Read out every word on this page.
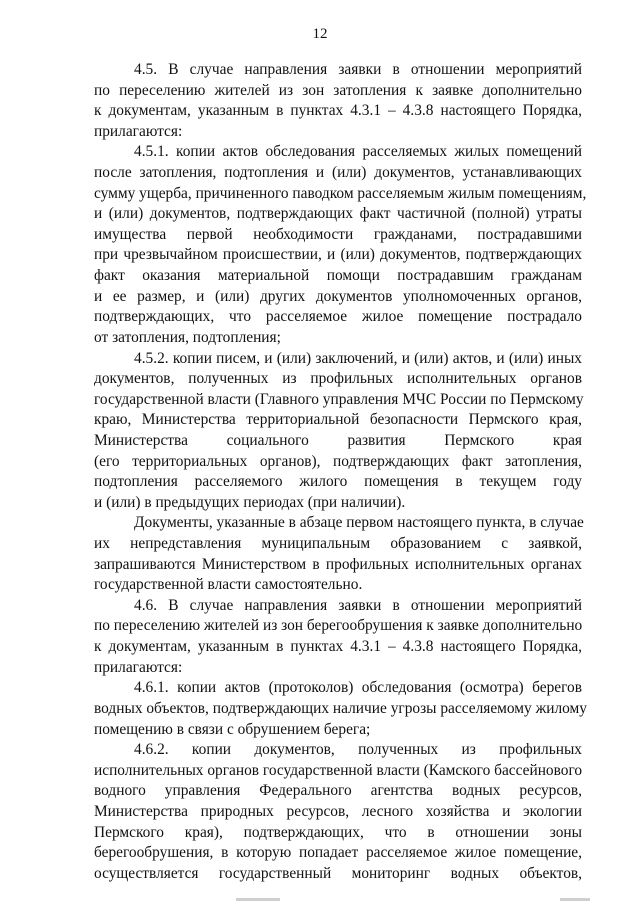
12
4.5. В случае направления заявки в отношении мероприятий
по переселению жителей из зон затопления к заявке дополнительно
к документам, указанным в пунктах 4.3.1 – 4.3.8 настоящего Порядка,
прилагаются:
4.5.1. копии актов обследования расселяемых жилых помещений
после затопления, подтопления и (или) документов, устанавливающих
сумму ущерба, причиненного паводком расселяемым жилым помещениям,
и (или) документов, подтверждающих факт частичной (полной) утраты
имущества первой необходимости гражданами, пострадавшими
при чрезвычайном происшествии, и (или) документов, подтверждающих
факт оказания материальной помощи пострадавшим гражданам
и ее размер, и (или) других документов уполномоченных органов,
подтверждающих, что расселяемое жилое помещение пострадало
от затопления, подтопления;
4.5.2. копии писем, и (или) заключений, и (или) актов, и (или) иных
документов, полученных из профильных исполнительных органов
государственной власти (Главного управления МЧС России по Пермскому
краю, Министерства территориальной безопасности Пермского края,
Министерства социального развития Пермского края
(его территориальных органов), подтверждающих факт затопления,
подтопления расселяемого жилого помещения в текущем году
и (или) в предыдущих периодах (при наличии).
Документы, указанные в абзаце первом настоящего пункта, в случае
их непредставления муниципальным образованием с заявкой,
запрашиваются Министерством в профильных исполнительных органах
государственной власти самостоятельно.
4.6. В случае направления заявки в отношении мероприятий
по переселению жителей из зон берегообрушения к заявке дополнительно
к документам, указанным в пунктах 4.3.1 – 4.3.8 настоящего Порядка,
прилагаются:
4.6.1. копии актов (протоколов) обследования (осмотра) берегов
водных объектов, подтверждающих наличие угрозы расселяемому жилому
помещению в связи с обрушением берега;
4.6.2. копии документов, полученных из профильных
исполнительных органов государственной власти (Камского бассейнового
водного управления Федерального агентства водных ресурсов,
Министерства природных ресурсов, лесного хозяйства и экологии
Пермского края), подтверждающих, что в отношении зоны
берегообрушения, в которую попадает расселяемое жилое помещение,
осуществляется государственный мониторинг водных объектов,
